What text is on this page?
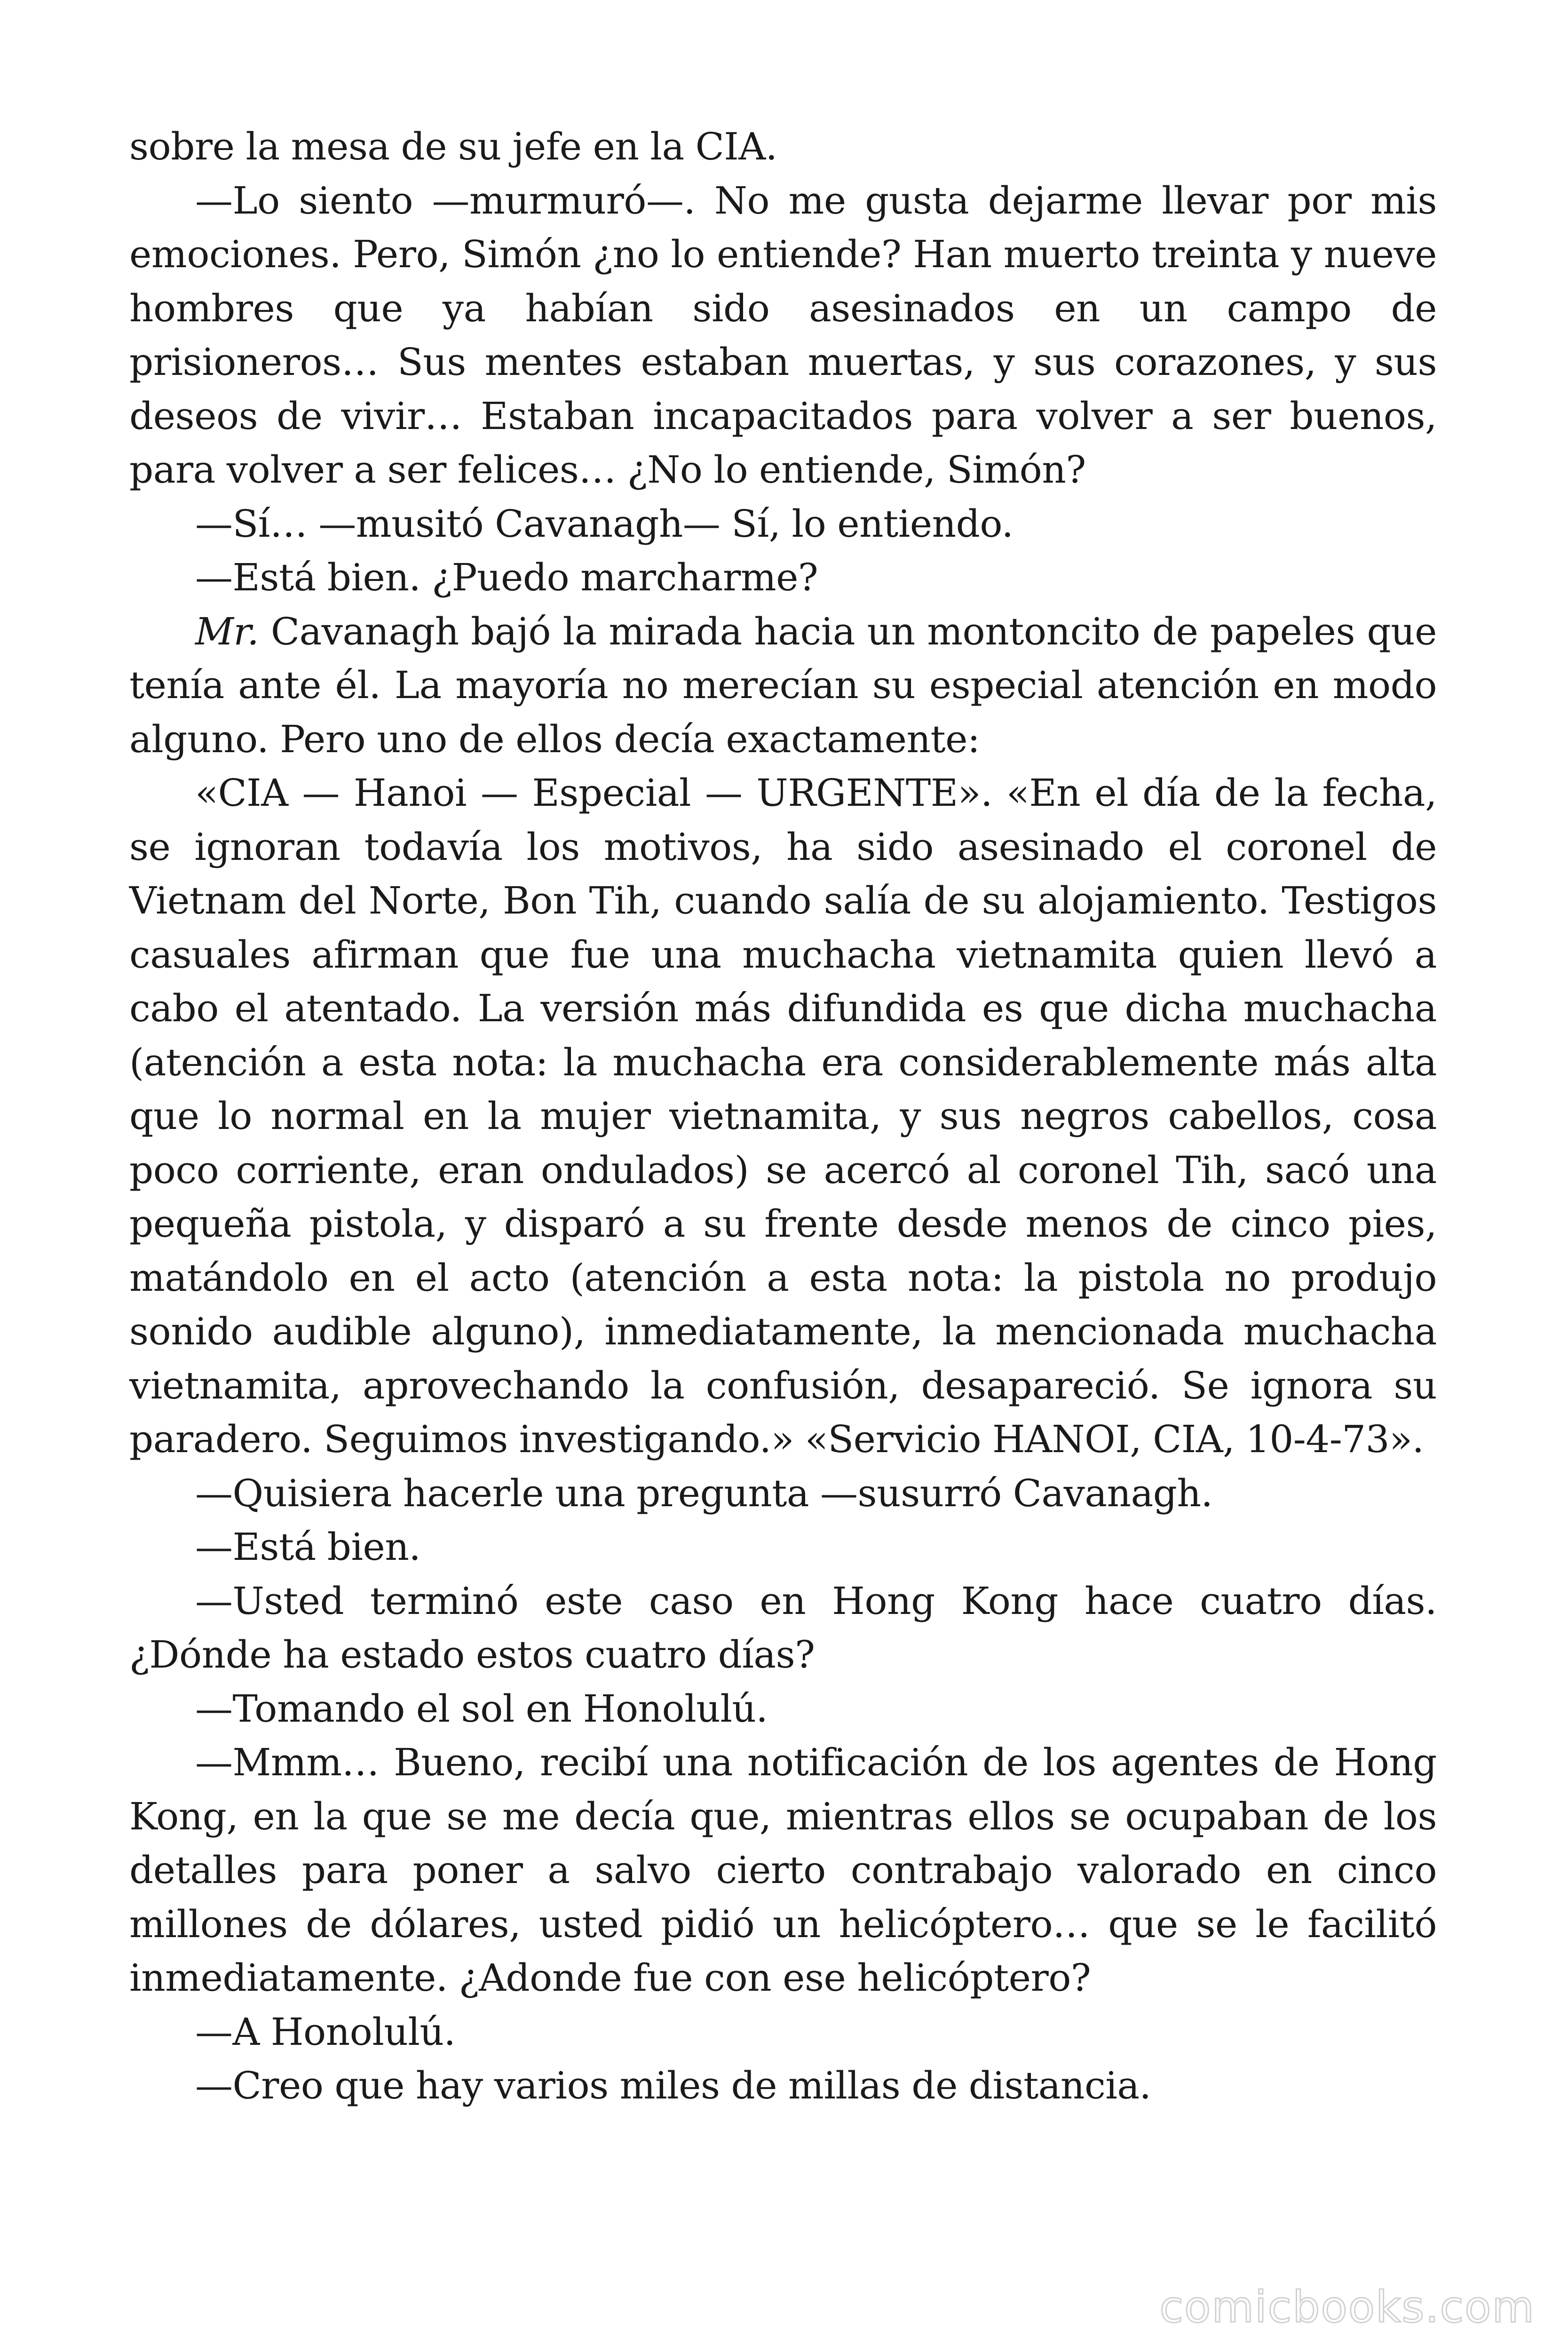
sobre la mesa de su jefe en la CIA.

—Lo siento —murmuró—. No me gusta dejarme llevar por mis emociones. Pero, Simón ¿no lo entiende? Han muerto treinta y nueve hombres que ya habían sido asesinados en un campo de prisioneros… Sus mentes estaban muertas, y sus corazones, y sus deseos de vivir… Estaban incapacitados para volver a ser buenos, para volver a ser felices… ¿No lo entiende, Simón?

—Sí… —musitó Cavanagh— Sí, lo entiendo.

—Está bien. ¿Puedo marcharme?

Mr. Cavanagh bajó la mirada hacia un montoncito de papeles que tenía ante él. La mayoría no merecían su especial atención en modo alguno. Pero uno de ellos decía exactamente:

«CIA — Hanoi — Especial — URGENTE». «En el día de la fecha, se ignoran todavía los motivos, ha sido asesinado el coronel de Vietnam del Norte, Bon Tih, cuando salía de su alojamiento. Testigos casuales afirman que fue una muchacha vietnamita quien llevó a cabo el atentado. La versión más difundida es que dicha muchacha (atención a esta nota: la muchacha era considerablemente más alta que lo normal en la mujer vietnamita, y sus negros cabellos, cosa poco corriente, eran ondulados) se acercó al coronel Tih, sacó una pequeña pistola, y disparó a su frente desde menos de cinco pies, matándolo en el acto (atención a esta nota: la pistola no produjo sonido audible alguno), inmediatamente, la mencionada muchacha vietnamita, aprovechando la confusión, desapareció. Se ignora su paradero. Seguimos investigando.» «Servicio HANOI, CIA, 10-4-73».

—Quisiera hacerle una pregunta —susurró Cavanagh.

—Está bien.

—Usted terminó este caso en Hong Kong hace cuatro días. ¿Dónde ha estado estos cuatro días?

—Tomando el sol en Honolulú.

—Mmm… Bueno, recibí una notificación de los agentes de Hong Kong, en la que se me decía que, mientras ellos se ocupaban de los detalles para poner a salvo cierto contrabajo valorado en cinco millones de dólares, usted pidió un helicóptero… que se le facilitó inmediatamente. ¿Adonde fue con ese helicóptero?

—A Honolulú.

—Creo que hay varios miles de millas de distancia.

comicbooks.com
